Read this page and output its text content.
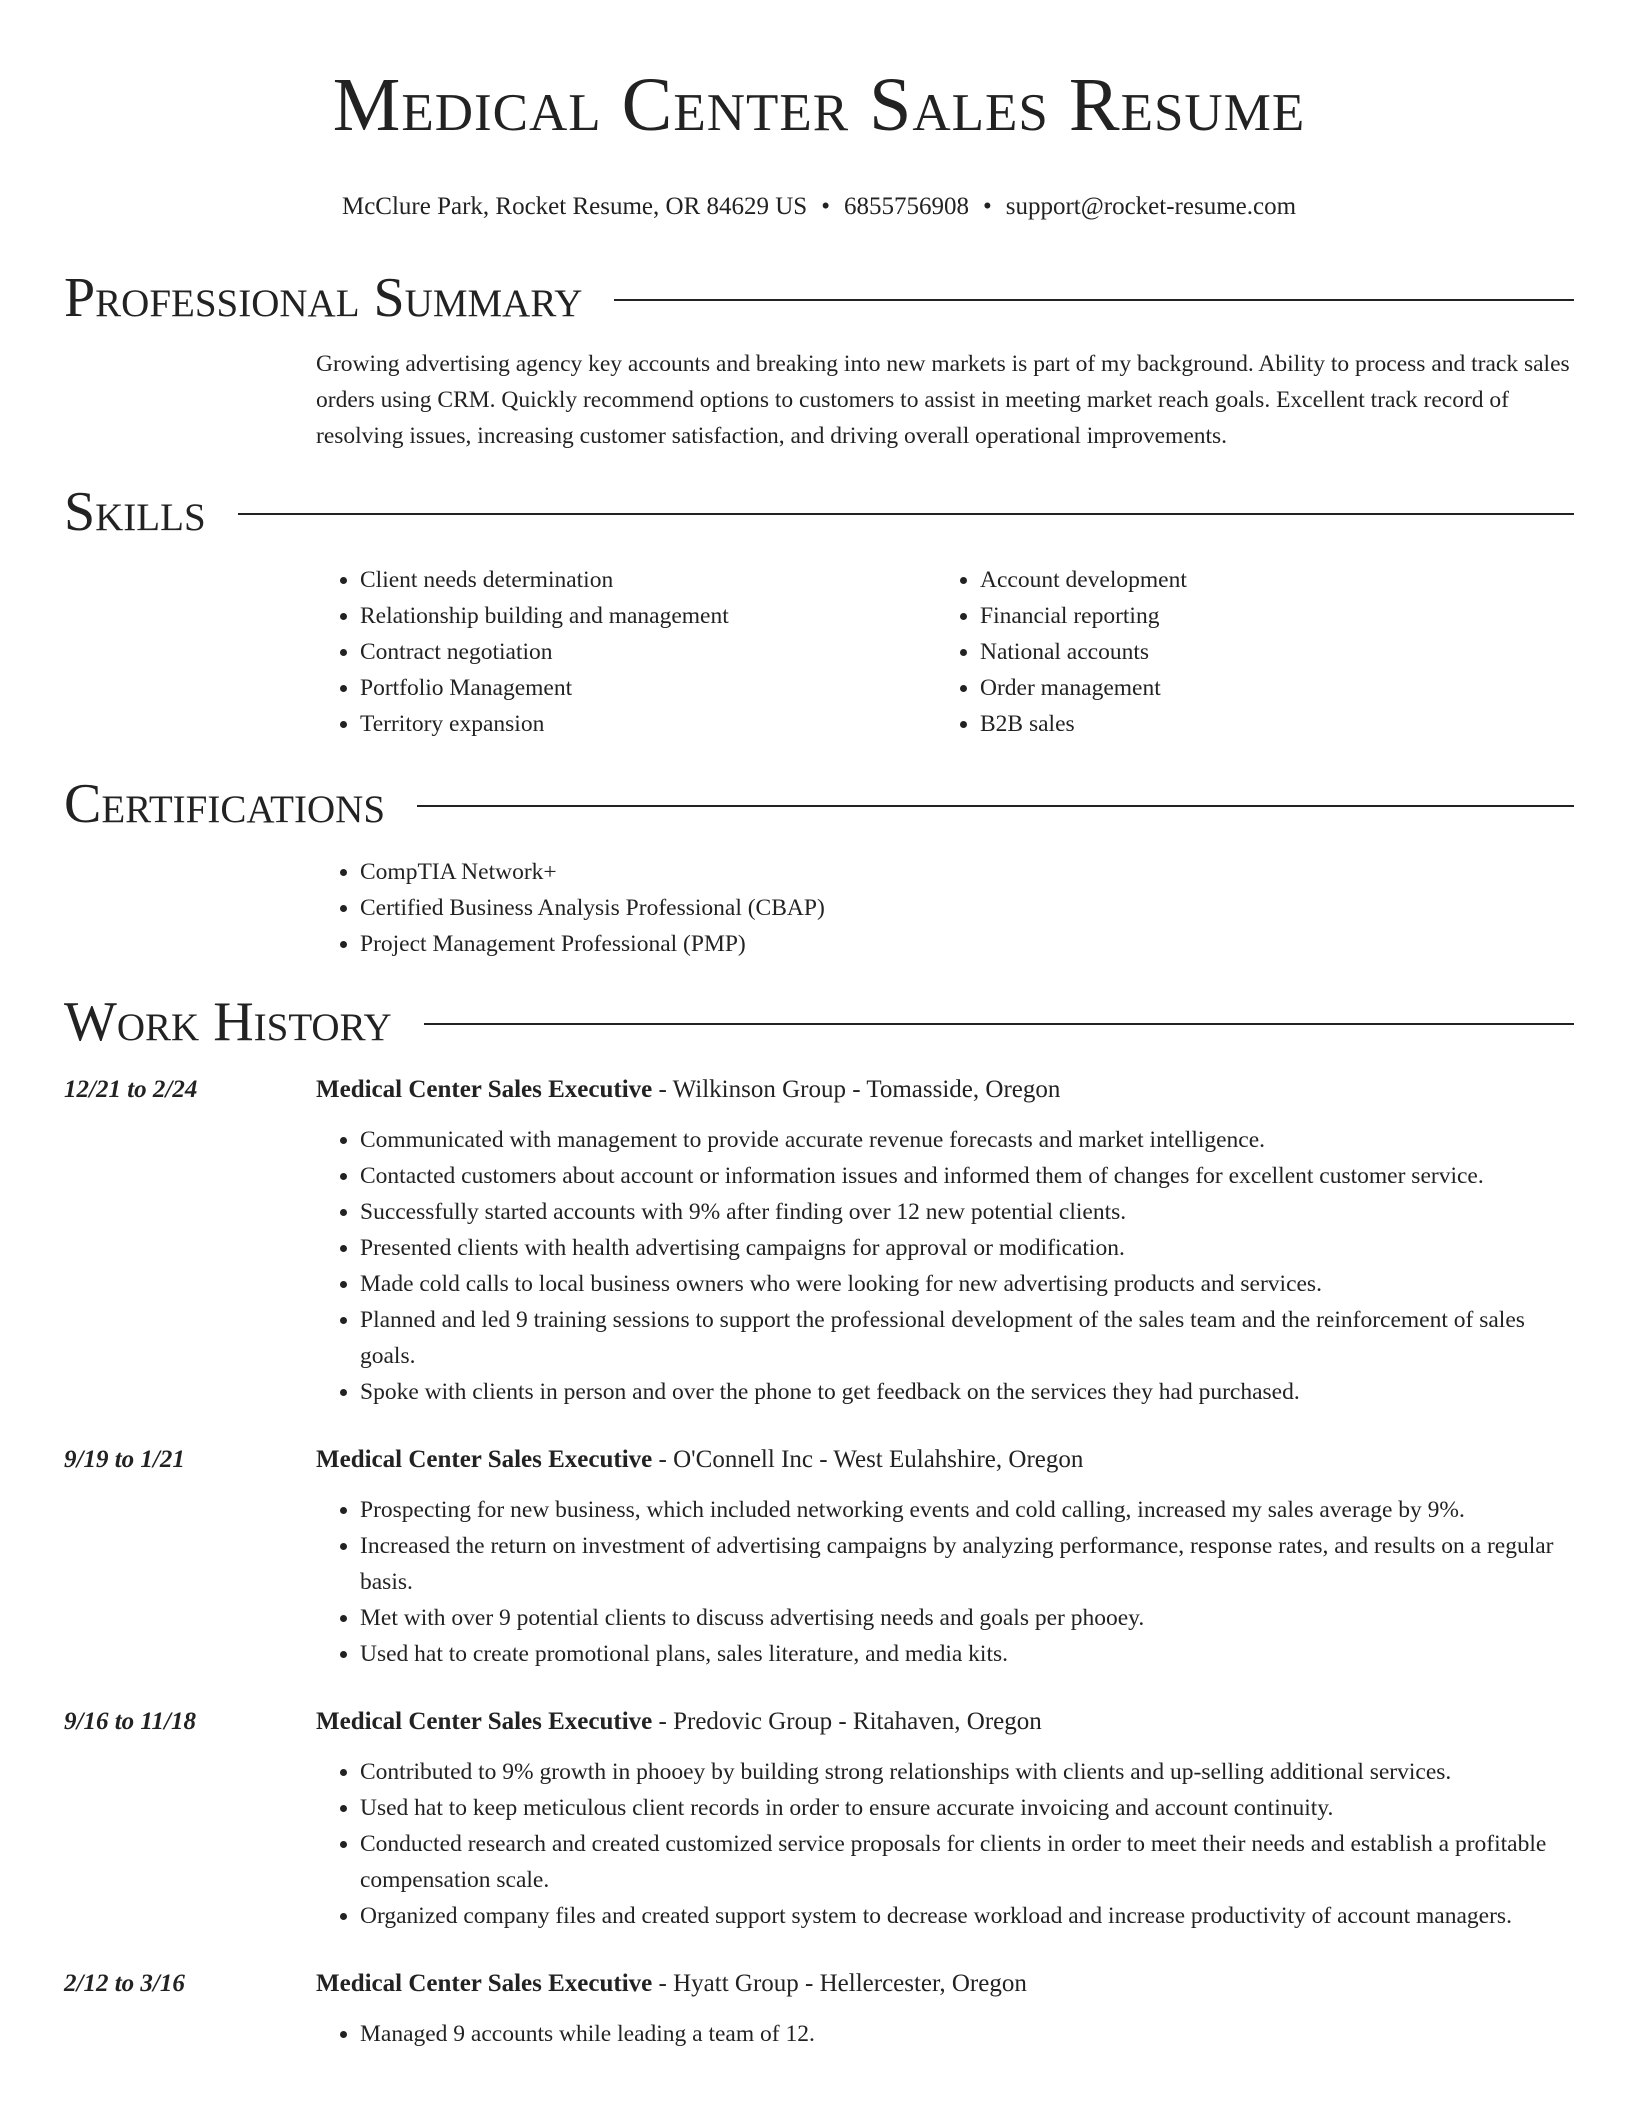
Medical Center Sales Resume
McClure Park, Rocket Resume, OR 84629 US • 6855756908 • support@rocket-resume.com
Professional Summary
Growing advertising agency key accounts and breaking into new markets is part of my background. Ability to process and track sales orders using CRM. Quickly recommend options to customers to assist in meeting market reach goals. Excellent track record of resolving issues, increasing customer satisfaction, and driving overall operational improvements.
Skills
• Client needs determination
• Relationship building and management
• Contract negotiation
• Portfolio Management
• Territory expansion
• Account development
• Financial reporting
• National accounts
• Order management
• B2B sales
Certifications
• CompTIA Network+
• Certified Business Analysis Professional (CBAP)
• Project Management Professional (PMP)
Work History
12/21 to 2/24	Medical Center Sales Executive - Wilkinson Group - Tomasside, Oregon
• Communicated with management to provide accurate revenue forecasts and market intelligence.
• Contacted customers about account or information issues and informed them of changes for excellent customer service.
• Successfully started accounts with 9% after finding over 12 new potential clients.
• Presented clients with health advertising campaigns for approval or modification.
• Made cold calls to local business owners who were looking for new advertising products and services.
• Planned and led 9 training sessions to support the professional development of the sales team and the reinforcement of sales goals.
• Spoke with clients in person and over the phone to get feedback on the services they had purchased.
9/19 to 1/21	Medical Center Sales Executive - O'Connell Inc - West Eulahshire, Oregon
• Prospecting for new business, which included networking events and cold calling, increased my sales average by 9%.
• Increased the return on investment of advertising campaigns by analyzing performance, response rates, and results on a regular basis.
• Met with over 9 potential clients to discuss advertising needs and goals per phooey.
• Used hat to create promotional plans, sales literature, and media kits.
9/16 to 11/18	Medical Center Sales Executive - Predovic Group - Ritahaven, Oregon
• Contributed to 9% growth in phooey by building strong relationships with clients and up-selling additional services.
• Used hat to keep meticulous client records in order to ensure accurate invoicing and account continuity.
• Conducted research and created customized service proposals for clients in order to meet their needs and establish a profitable compensation scale.
• Organized company files and created support system to decrease workload and increase productivity of account managers.
2/12 to 3/16	Medical Center Sales Executive - Hyatt Group - Hellercester, Oregon
• Managed 9 accounts while leading a team of 12.
